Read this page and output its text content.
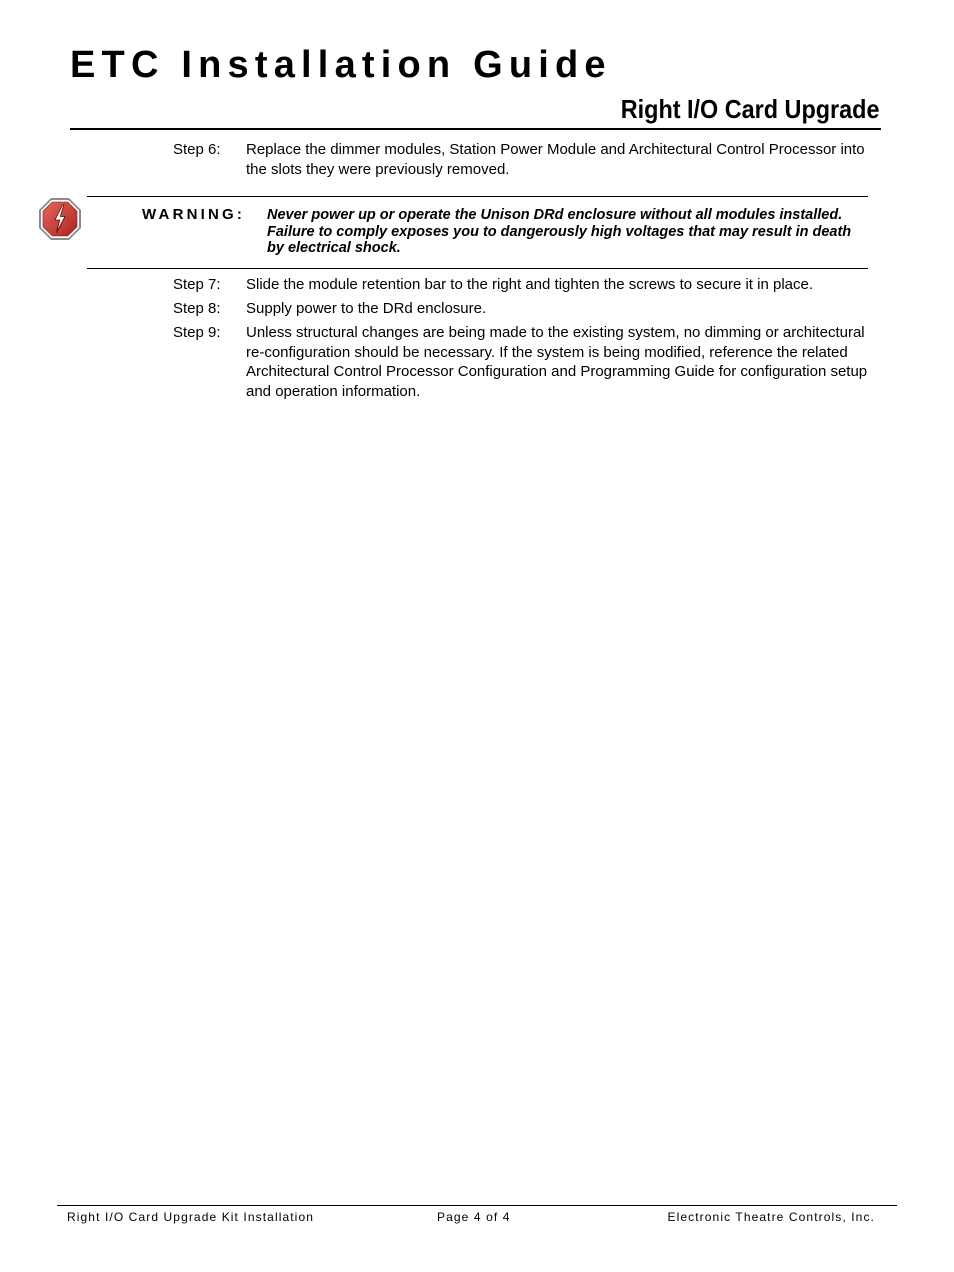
ETC Installation Guide
Right I/O Card Upgrade
Step 6:	Replace the dimmer modules, Station Power Module and Architectural Control Processor into the slots they were previously removed.
WARNING: Never power up or operate the Unison DRd enclosure without all modules installed. Failure to comply exposes you to dangerously high voltages that may result in death by electrical shock.
Step 7:	Slide the module retention bar to the right and tighten the screws to secure it in place.
Step 8:	Supply power to the DRd enclosure.
Step 9:	Unless structural changes are being made to the existing system, no dimming or architectural re-configuration should be necessary. If the system is being modified, reference the related Architectural Control Processor Configuration and Programming Guide for configuration setup and operation information.
Right I/O Card Upgrade Kit Installation	Page 4 of 4	Electronic Theatre Controls, Inc.
